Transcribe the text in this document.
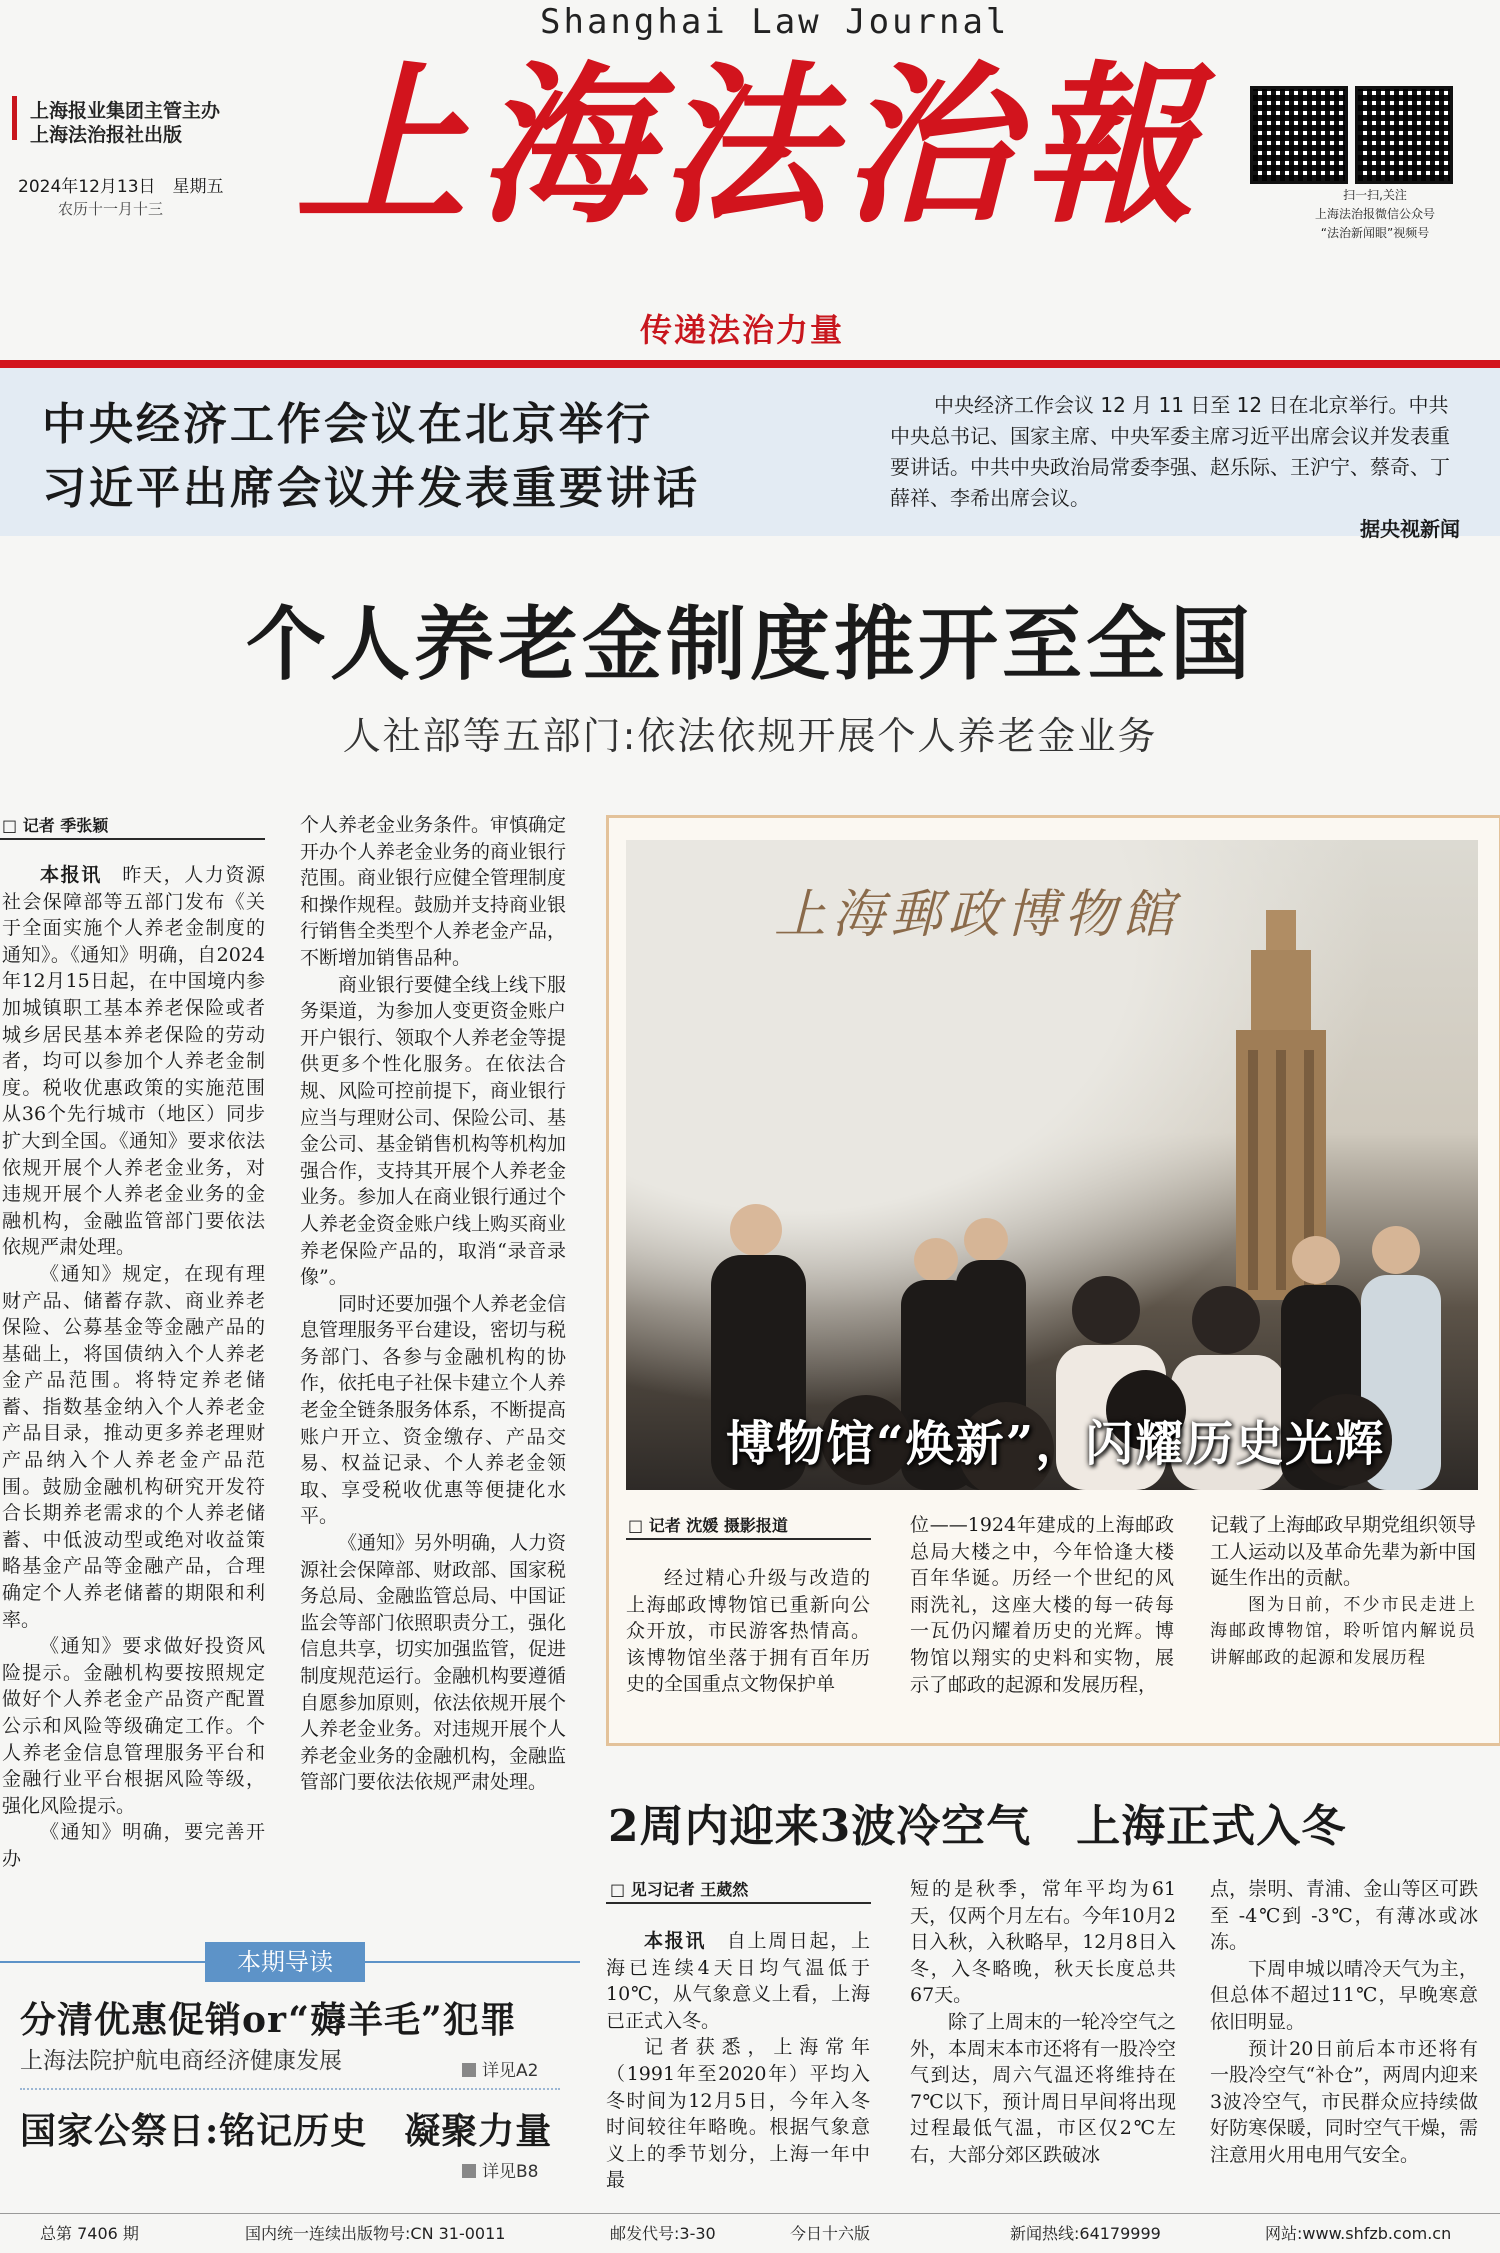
Shanghai Law Journal
上海报业集团主管主办
上海法治报社出版
2024年12月13日　星期五
农历十一月十三 上海法治報	扫一扫,关注
上海法治报微信公众号
“法治新闻眼”视频号
传递法治力量
中央经济工作会议在北京举行
习近平出席会议并发表重要讲话
中央经济工作会议 12 月 11 日至 12 日在北京举行。中共中央总书记、国家主席、中央军委主席习近平出席会议并发表重要讲话。中共中央政治局常委李强、赵乐际、王沪宁、蔡奇、丁薛祥、李希出席会议。
据央视新闻
个人养老金制度推开至全国
人社部等五部门:依法依规开展个人养老金业务
□ 记者 季张颖

本报讯　 昨天，人力资源社会保障部等五部门发布《关于全面实施个人养老金制度的通知》。《通知》明确，自2024年12月15日起，在中国境内参加城镇职工基本养老保险或者城乡居民基本养老保险的劳动者，均可以参加个人养老金制度。税收优惠政策的实施范围从36个先行城市（地区）同步扩大到全国。《通知》要求依法依规开展个人养老金业务，对违规开展个人养老金业务的金融机构，金融监管部门要依法依规严肃处理。

《通知》规定，在现有理财产品、储蓄存款、商业养老保险、公募基金等金融产品的基础上，将国债纳入个人养老金产品范围。将特定养老储蓄、指数基金纳入个人养老金产品目录，推动更多养老理财产品纳入个人养老金产品范围。鼓励金融机构研究开发符合长期养老需求的个人养老储蓄、中低波动型或绝对收益策略基金产品等金融产品，合理确定个人养老储蓄的期限和利率。

《通知》要求做好投资风险提示。金融机构要按照规定做好个人养老金产品资产配置公示和风险等级确定工作。个人养老金信息管理服务平台和金融行业平台根据风险等级，强化风险提示。

《通知》明确，要完善开办

个人养老金业务条件。审慎确定开办个人养老金业务的商业银行范围。商业银行应健全管理制度和操作规程。鼓励并支持商业银行销售全类型个人养老金产品，不断增加销售品种。

商业银行要健全线上线下服务渠道，为参加人变更资金账户开户银行、领取个人养老金等提供更多个性化服务。在依法合规、风险可控前提下，商业银行应当与理财公司、保险公司、基金公司、基金销售机构等机构加强合作，支持其开展个人养老金业务。参加人在商业银行通过个人养老金资金账户线上购买商业养老保险产品的，取消“录音录像”。

同时还要加强个人养老金信息管理服务平台建设，密切与税务部门、各参与金融机构的协作，依托电子社保卡建立个人养老金全链条服务体系，不断提高账户开立、资金缴存、产品交易、权益记录、个人养老金领取、享受税收优惠等便捷化水平。

《通知》另外明确，人力资源社会保障部、财政部、国家税务总局、金融监管总局、中国证监会等部门依照职责分工，强化信息共享，切实加强监管，促进制度规范运行。金融机构要遵循自愿参加原则，依法依规开展个人养老金业务。对违规开展个人养老金业务的金融机构，金融监管部门要依法依规严肃处理。

上海郵政博物館
博物馆“焕新”，闪耀历史光辉
□ 记者 沈媛 摄影报道

经过精心升级与改造的上海邮政博物馆已重新向公众开放，市民游客热情高。该博物馆坐落于拥有百年历史的全国重点文物保护单

位——1924年建成的上海邮政总局大楼之中，今年恰逢大楼百年华诞。历经一个世纪的风雨洗礼，这座大楼的每一砖每一瓦仍闪耀着历史的光辉。博物馆以翔实的史料和实物，展示了邮政的起源和发展历程，

记载了上海邮政早期党组织领导工人运动以及革命先辈为新中国诞生作出的贡献。

图为日前，不少市民走进上海邮政博物馆，聆听馆内解说员讲解邮政的起源和发展历程

2周内迎来3波冷空气　上海正式入冬
□ 见习记者 王葳然

本报讯　 自上周日起，上海已连续4天日均气温低于10℃，从气象意义上看，上海已正式入冬。

记者获悉，上海常年（1991年至2020年）平均入冬时间为12月5日，今年入冬时间较往年略晚。根据气象意义上的季节划分，上海一年中最

短的是秋季，常年平均为61天，仅两个月左右。今年10月2日入秋，入秋略早，12月8日入冬，入冬略晚，秋天长度总共67天。

除了上周末的一轮冷空气之外，本周末本市还将有一股冷空气到达，周六气温还将维持在7℃以下，预计周日早间将出现过程最低气温，市区仅2℃左右，大部分郊区跌破冰

点，崇明、青浦、金山等区可跌至 -4℃到 -3℃，有薄冰或冰冻。

下周申城以晴冷天气为主，但总体不超过11℃，早晚寒意依旧明显。

预计20日前后本市还将有一股冷空气“补仓”，两周内迎来3波冷空气，市民群众应持续做好防寒保暖，同时空气干燥，需注意用火用电用气安全。

本期导读
分清优惠促销or“薅羊毛”犯罪
上海法院护航电商经济健康发展	详见A2
国家公祭日:铭记历史　凝聚力量
详见B8
总第 7406 期	国内统一连续出版物号:CN 31-0011	邮发代号:3-30	今日十六版	新闻热线:64179999	网站:www.shfzb.com.cn
